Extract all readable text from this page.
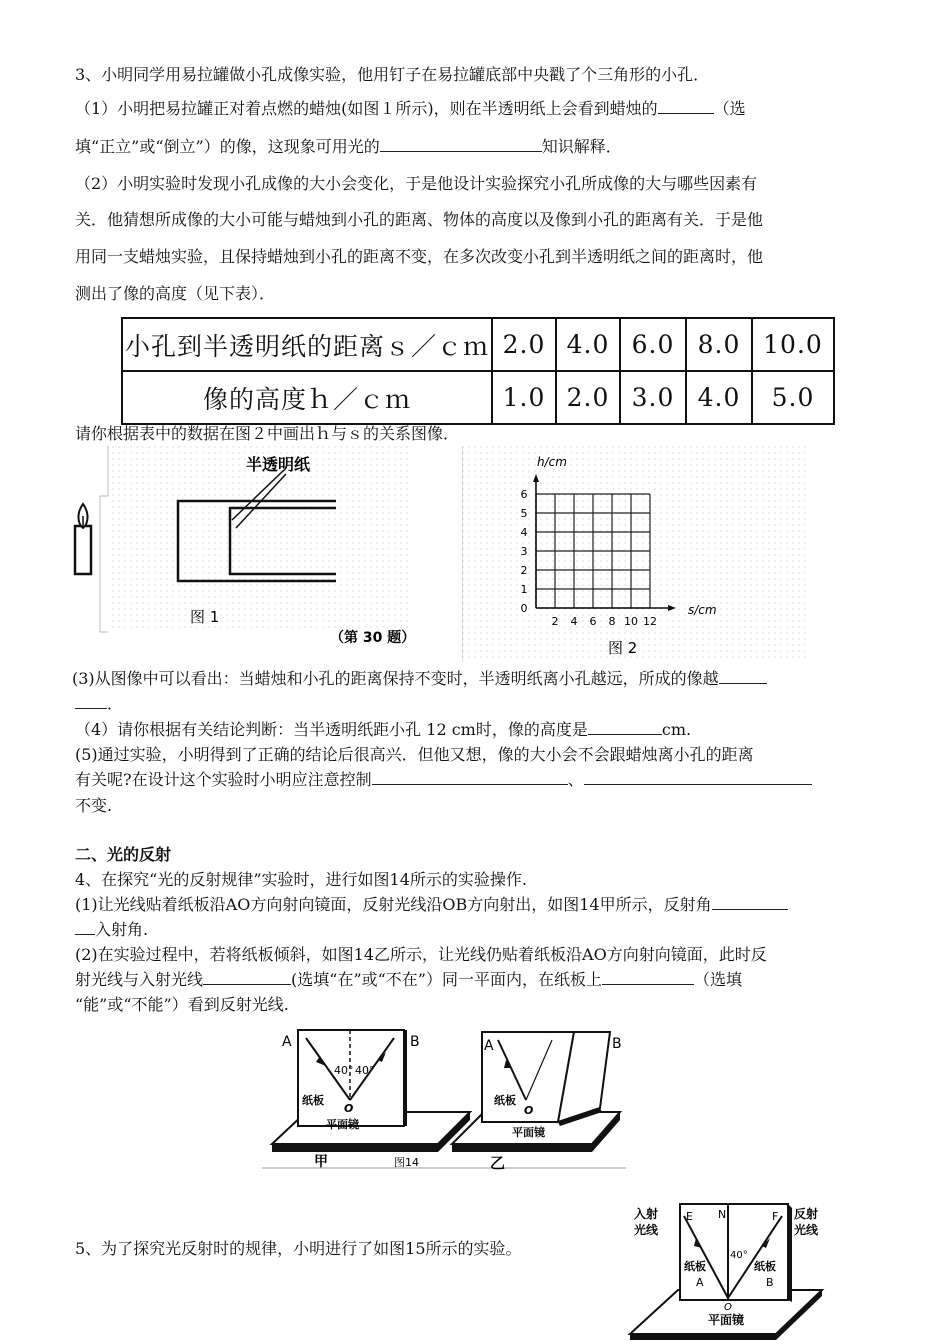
3、小明同学用易拉罐做小孔成像实验，他用钉子在易拉罐底部中央戳了个三角形的小孔．
（1）小明把易拉罐正对着点燃的蜡烛(如图１所示)，则在半透明纸上会看到蜡烛的	（选
填“正立”或“倒立”）的像，这现象可用光的	知识解释．
（2）小明实验时发现小孔成像的大小会变化，于是他设计实验探究小孔所成像的大与哪些因素有
关．他猜想所成像的大小可能与蜡烛到小孔的距离、物体的高度以及像到小孔的距离有关．于是他
用同一支蜡烛实验，且保持蜡烛到小孔的距离不变，在多次改变小孔到半透明纸之间的距离时，他
测出了像的高度（见下表）．
小孔到半透明纸的距离ｓ／ｃｍ	2.0	4.0	6.0	8.0	10.0
像的高度ｈ／ｃｍ	1.0	2.0	3.0	4.0	5.0
请你根据表中的数据在图２中画出ｈ与ｓ的关系图像．
半透明纸
图 1
（第 30 题）
h/cm
s/cm
0
1
2
3
4
5
6
2 4 6 8 10 12
图 2
(3)从图像中可以看出：当蜡烛和小孔的距离保持不变时，半透明纸离小孔越远，所成的像越
．
（4）请你根据有关结论判断：当半透明纸距小孔 12 cm时，像的高度是	cm.
(5)通过实验，小明得到了正确的结论后很高兴．但他又想，像的大小会不会跟蜡烛离小孔的距离
有关呢?在设计这个实验时小明应注意控制	、
不变.
二、光的反射
4、在探究“光的反射规律”实验时，进行如图14所示的实验操作.
(1)让光线贴着纸板沿AO方向射向镜面，反射光线沿OB方向射出，如图14甲所示，反射角
入射角.
(2)在实验过程中，若将纸板倾斜，如图14乙所示，让光线仍贴着纸板沿AO方向射向镜面，此时反
射光线与入射光线	(选填“在”或“不在”）同一平面内，在纸板上	（选填
“能”或“不能”）看到反射光线.
A	B
40° 40°
纸板
O
平面镜
A	B
纸板
O
平面镜
甲	图14	乙
5、为了探究光反射时的规律，小明进行了如图15所示的实验。
入射
光线
反射
光线
E N	F
40°
纸板
A
纸板
B
O
平面镜
